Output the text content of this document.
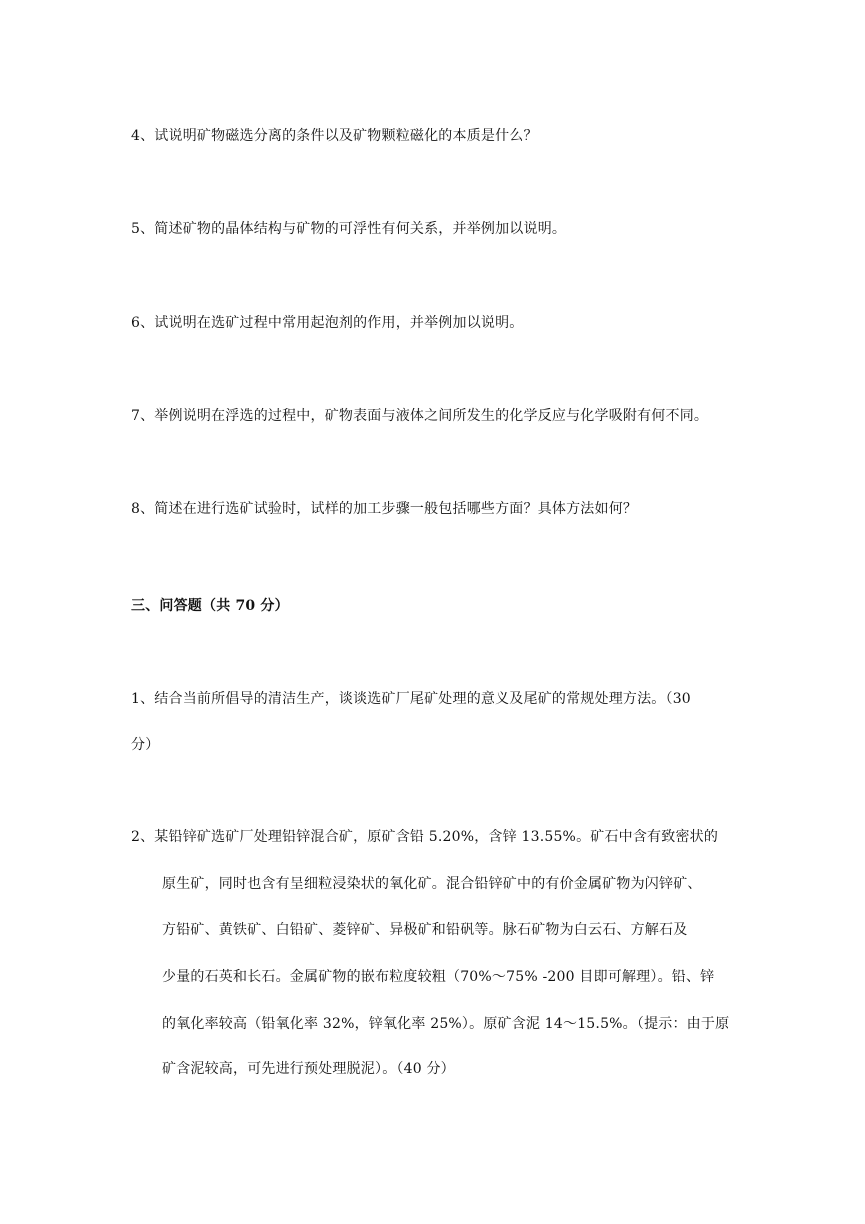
4、试说明矿物磁选分离的条件以及矿物颗粒磁化的本质是什么？
5、简述矿物的晶体结构与矿物的可浮性有何关系，并举例加以说明。
6、试说明在选矿过程中常用起泡剂的作用，并举例加以说明。
7、举例说明在浮选的过程中，矿物表面与液体之间所发生的化学反应与化学吸附有何不同。
8、简述在进行选矿试验时，试样的加工步骤一般包括哪些方面？具体方法如何？
三、问答题（共 70 分）
1、结合当前所倡导的清洁生产，谈谈选矿厂尾矿处理的意义及尾矿的常规处理方法。（30
分）
2、某铅锌矿选矿厂处理铅锌混合矿，原矿含铅 5.20%，含锌 13.55%。矿石中含有致密状的
原生矿，同时也含有呈细粒浸染状的氧化矿。混合铅锌矿中的有价金属矿物为闪锌矿、
方铅矿、黄铁矿、白铅矿、菱锌矿、异极矿和铅矾等。脉石矿物为白云石、方解石及
少量的石英和长石。金属矿物的嵌布粒度较粗（70%～75% -200 目即可解理）。铅、锌
的氧化率较高（铅氧化率 32%，锌氧化率 25%）。原矿含泥 14～15.5%。（提示：由于原
矿含泥较高，可先进行预处理脱泥）。（40 分）
